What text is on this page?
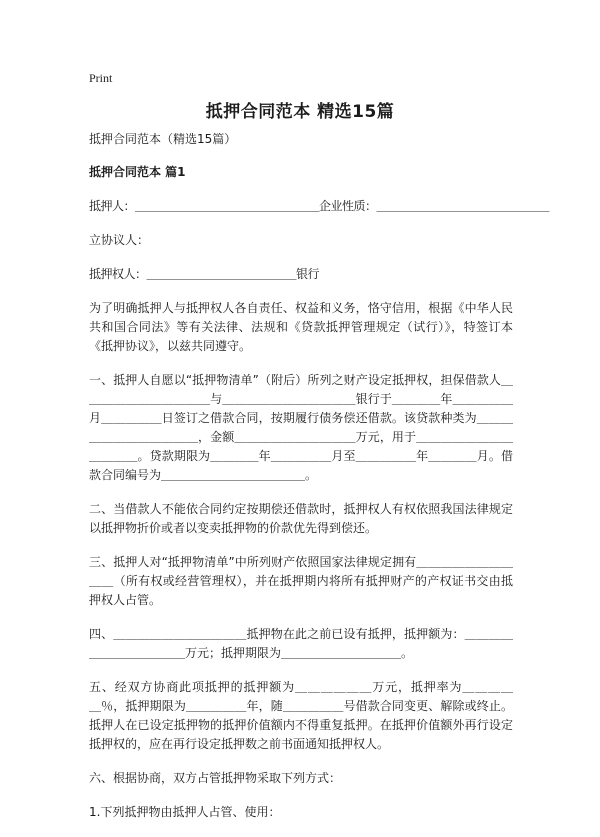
Print
抵押合同范本 精选15篇

抵押合同范本（精选15篇）

抵押合同范本 篇1

抵押人：＿＿＿＿＿＿＿＿＿＿＿＿＿＿＿＿企业性质：＿＿＿＿＿＿＿＿＿＿＿＿＿＿＿

立协议人：

抵押权人：＿＿＿＿＿＿＿＿＿＿＿＿＿银行

为了明确抵押人与抵押权人各自责任、权益和义务，恪守信用，根据《中华人民共和国合同法》等有关法律、法规和《贷款抵押管理规定（试行）》，特签订本《抵押协议》，以兹共同遵守。

一、抵押人自愿以“抵押物清单”（附后）所列之财产设定抵押权，担保借款人＿＿＿＿＿＿＿＿＿＿＿与＿＿＿＿＿＿＿＿＿＿＿银行于＿＿＿＿年＿＿＿＿＿月＿＿＿＿＿日签订之借款合同，按期履行债务偿还借款。该贷款种类为＿＿＿＿＿＿＿＿＿＿＿＿，金额＿＿＿＿＿＿＿＿＿＿万元，用于＿＿＿＿＿＿＿＿＿＿＿＿。贷款期限为＿＿＿＿年＿＿＿＿＿月至＿＿＿＿＿年＿＿＿＿月。借款合同编号为＿＿＿＿＿＿＿＿＿＿＿＿。

二、当借款人不能依合同约定按期偿还借款时，抵押权人有权依照我国法律规定以抵押物折价或者以变卖抵押物的价款优先得到偿还。

三、抵押人对“抵押物清单”中所列财产依照国家法律规定拥有＿＿＿＿＿＿＿＿＿＿（所有权或经营管理权），并在抵押期内将所有抵押财产的产权证书交由抵押权人占管。

四、＿＿＿＿＿＿＿＿＿＿＿抵押物在此之前已设有抵押，抵押额为：＿＿＿＿＿＿＿＿＿＿＿＿万元；抵押期限为＿＿＿＿＿＿＿＿＿＿。

五、经双方协商此项抵押的抵押额为＿＿＿＿＿＿万元，抵押率为＿＿＿＿＿％，抵押期限为＿＿＿＿＿年，随＿＿＿＿＿号借款合同变更、解除或终止。抵押人在已设定抵押物的抵押价值额内不得重复抵押。在抵押价值额外再行设定抵押权的，应在再行设定抵押数之前书面通知抵押权人。

六、根据协商，双方占管抵押物采取下列方式：

1.下列抵押物由抵押人占管、使用：
